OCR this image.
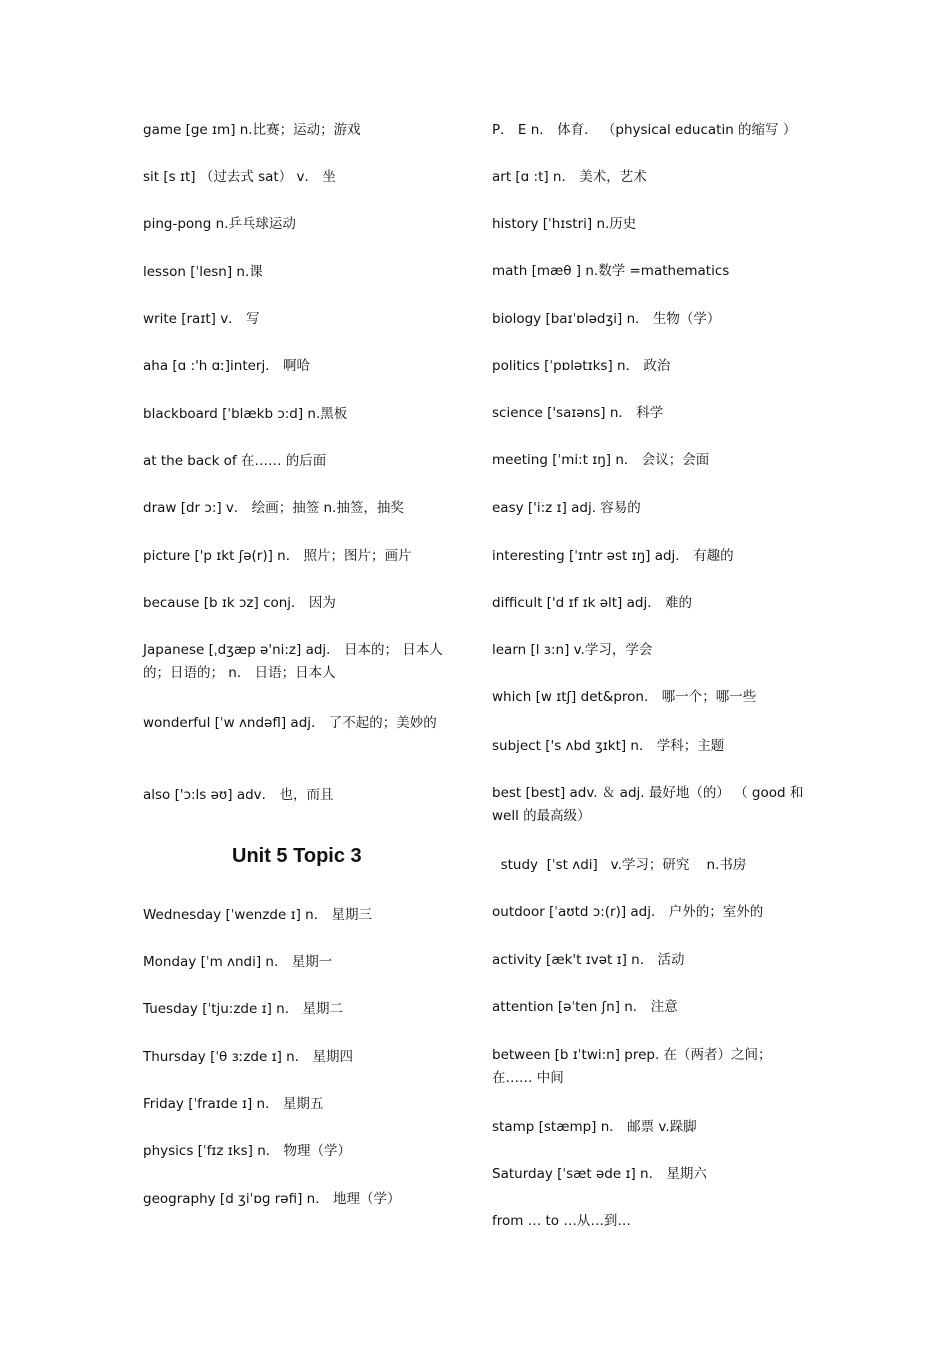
game [ge ɪm] n.比赛；运动；游戏
sit [s ɪt] （过去式 sat） v． 坐
ping-pong n.乒乓球运动
lesson [ˈlesn] n.课
write [raɪt] v． 写
aha [ɑ :'h ɑː]interj． 啊哈
blackboard [ˈblækb ɔ:d] n.黑板
at the back of 在…… 的后面
draw [dr ɔ:] v． 绘画；抽签 n.抽签，抽奖
picture ['p ɪkt ʃə(r)] n． 照片；图片；画片
because [b ɪk ɔz] conj． 因为
Japanese [ˌdʒæp ə'ni:z] adj． 日本的； 日本人的；日语的； n． 日语；日本人
wonderful [ˈw ʌndəfl] adj． 了不起的；美妙的
also ['ɔ:ls əʊ] adv． 也，而且
Unit 5 Topic 3
Wednesday [ˈwenzde ɪ] n． 星期三
Monday [ˈm ʌndi] n． 星期一
Tuesday [ˈtju:zde ɪ] n． 星期二
Thursday [ˈθ ɜːzde ɪ] n． 星期四
Friday [ˈfraɪde ɪ] n． 星期五
physics [ˈfɪz ɪks] n． 物理（学）
geography [d ʒiˈɒɡ rəfi] n． 地理（学）
P． E n． 体育． （physical educatin 的缩写 ）
art [ɑ :t] n． 美术，艺术
history [ˈhɪstri] n.历史
math [mæθ ] n.数学 =mathematics
biology [baɪˈɒlədʒi] n． 生物（学）
politics [ˈpɒlətɪks] n． 政治
science ['saɪəns] n． 科学
meeting [ˈmi:t ɪŋ] n． 会议；会面
easy ['i:z ɪ] adj. 容易的
interesting [ˈɪntr əst ɪŋ] adj． 有趣的
difficult ['d ɪf ɪk əlt] adj． 难的
learn [l ɜ:n] v.学习，学会
which [w ɪtʃ] det&pron． 哪一个；哪一些
subject ['s ʌbd ʒɪkt] n． 学科；主题
best [best] adv. ＆ adj. 最好地（的） （ good 和 well 的最高级）
study  [ˈst ʌdi]   v.学习；研究    n.书房
outdoor [ˈaʊtd ɔ:(r)] adj． 户外的；室外的
activity [æk't ɪvət ɪ] n． 活动
attention [əˈten ʃn] n． 注意
between [b ɪˈtwi:n] prep. 在（两者）之间；在…… 中间
stamp [stæmp] n． 邮票 v.跺脚
Saturday [ˈsæt əde ɪ] n． 星期六
from … to …从…到…
